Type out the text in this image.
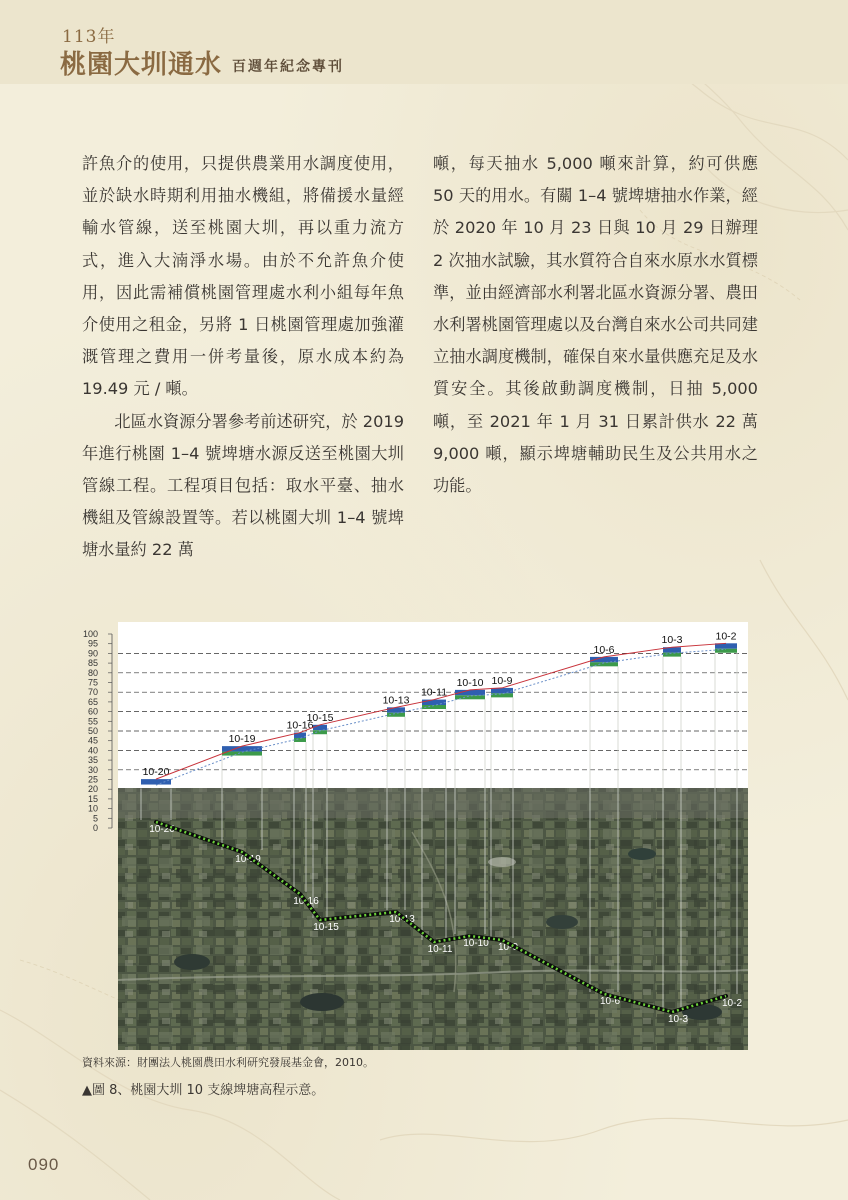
113年
桃園大圳通水 百週年紀念專刊

許魚介的使用，只提供農業用水調度使用，並於缺水時期利用抽水機組，將備援水量經輸水管線，送至桃園大圳，再以重力流方式，進入大湳淨水場。由於不允許魚介使用，因此需補償桃園管理處水利小組每年魚介使用之租金，另將 1 日桃園管理處加強灌溉管理之費用一併考量後，原水成本約為 19.49 元 / 噸。

北區水資源分署參考前述研究，於 2019 年進行桃園 1–4 號埤塘水源反送至桃園大圳管線工程。工程項目包括：取水平臺、抽水機組及管線設置等。若以桃園大圳 1–4 號埤塘水量約 22 萬

噸，每天抽水 5,000 噸來計算，約可供應 50 天的用水。有關 1–4 號埤塘抽水作業，經於 2020 年 10 月 23 日與 10 月 29 日辦理 2 次抽水試驗，其水質符合自來水原水水質標準，並由經濟部水利署北區水資源分署、農田水利署桃園管理處以及台灣自來水公司共同建立抽水調度機制，確保自來水量供應充足及水質安全。其後啟動調度機制，日抽 5,000 噸，至 2021 年 1 月 31 日累計供水 22 萬 9,000 噸，顯示埤塘輔助民生及公共用水之功能。

100
95
90
85
80
75
70
65
60
55
50
45
40
35
30
25
20
15
10
5
0
10-20
10-19
10-16
10-15
10-13
10-11
10-10 10-9
10-6
10-3	10-2
10-20
10-19
10-16
10-15
10-13
10-11
10-10 10-9
10-6
10-3
10-2
資料來源：財團法人桃園農田水利研究發展基金會，2010。
▲圖 8、桃園大圳 10 支線埤塘高程示意。
090
